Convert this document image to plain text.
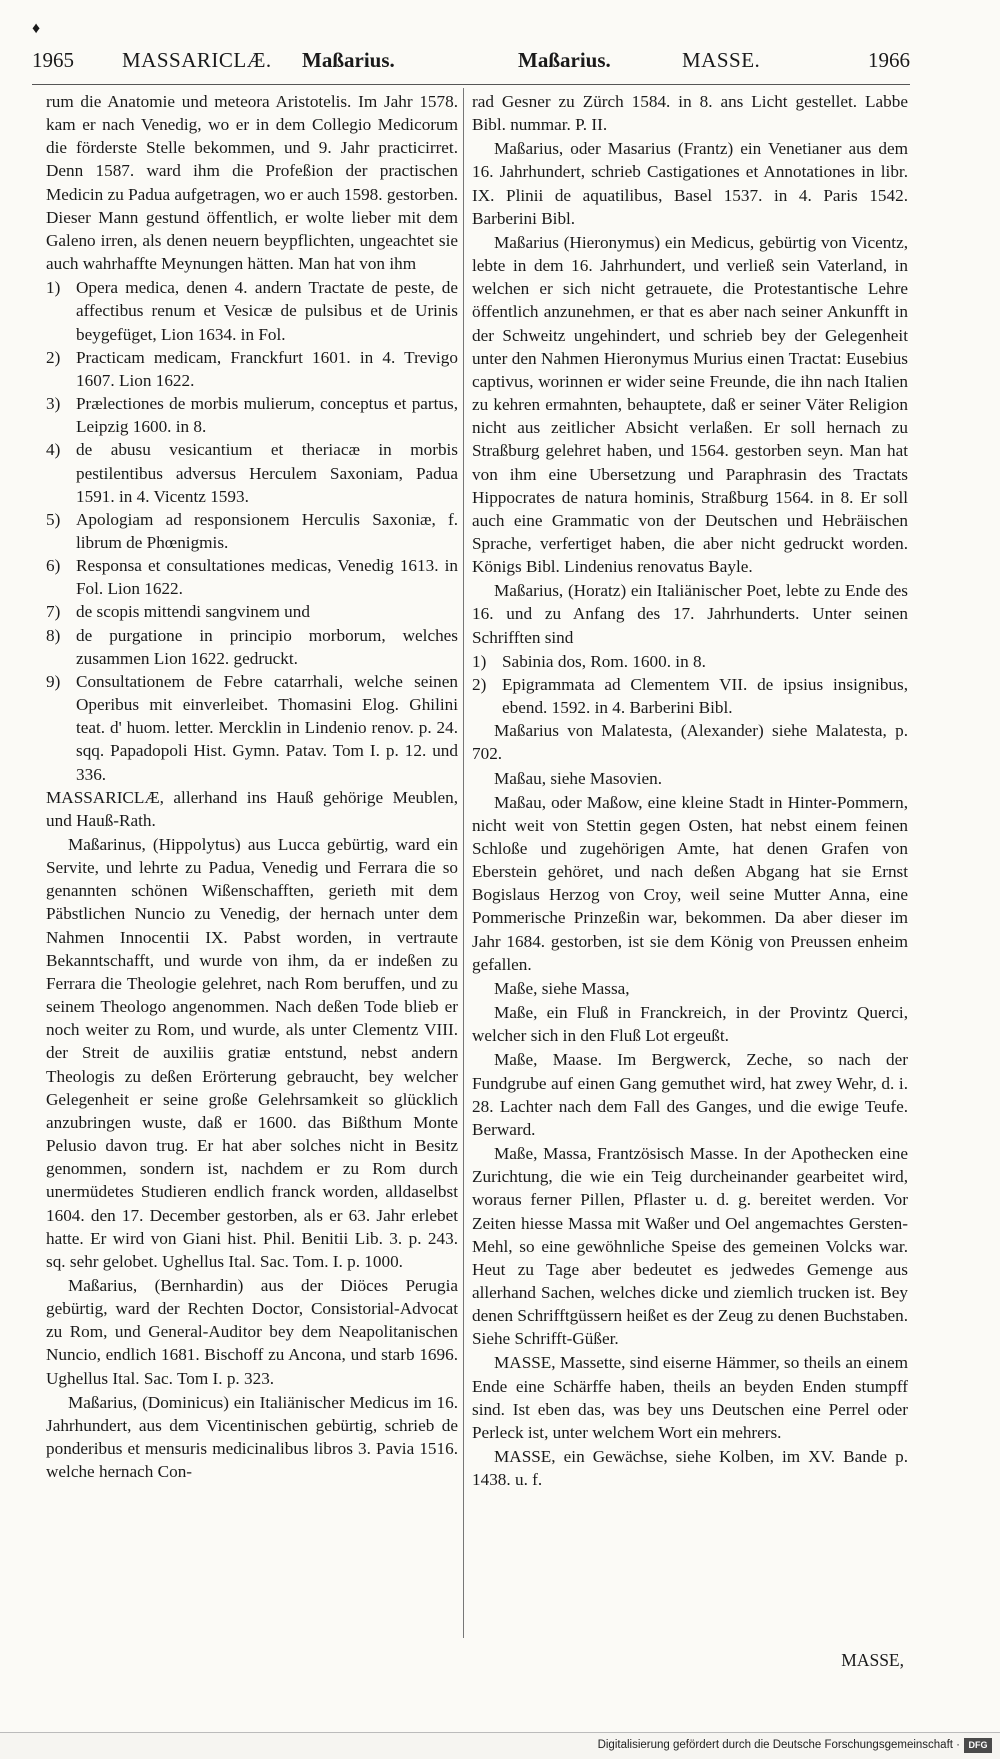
♦
1965 MASSARICLÆ. Maßarius.	Maßarius.	MASSE.	1966

rum die Anatomie und meteora Aristotelis. Im Jahr 1578. kam er nach Venedig, wo er in dem Collegio Medicorum die förderste Stelle bekommen, und 9. Jahr practicirret. Denn 1587. ward ihm die Profeßion der practischen Medicin zu Padua aufgetragen, wo er auch 1598. gestorben. Dieser Mann gestund öffentlich, er wolte lieber mit dem Galeno irren, als denen neuern beypflichten, ungeachtet sie auch wahrhaffte Meynungen hätten. Man hat von ihm

1) Opera medica, denen 4. andern Tractate de peste, de affectibus renum et Vesicæ de pulsibus et de Urinis beygefüget, Lion 1634. in Fol.
2) Practicam medicam, Franckfurt 1601. in 4. Trevigo 1607. Lion 1622.
3) Prælectiones de morbis mulierum, conceptus et partus, Leipzig 1600. in 8.
4) de abusu vesicantium et theriacæ in morbis pestilentibus adversus Herculem Saxoniam, Padua 1591. in 4. Vicentz 1593.
5) Apologiam ad responsionem Herculis Saxoniæ, f. librum de Phœnigmis.
6) Responsa et consultationes medicas, Venedig 1613. in Fol. Lion 1622.
7) de scopis mittendi sangvinem und
8) de purgatione in principio morborum, welches zusammen Lion 1622. gedruckt.
9) Consultationem de Febre catarrhali, welche seinen Operibus mit einverleibet. Thomasini Elog. Ghilini teat. d' huom. letter. Mercklin in Lindenio renov. p. 24. sqq. Papadopoli Hist. Gymn. Patav. Tom I. p. 12. und 336.

MASSARICLÆ, allerhand ins Hauß gehörige Meublen, und Hauß-Rath.

Maßarinus, (Hippolytus) aus Lucca gebürtig, ward ein Servite, und lehrte zu Padua, Venedig und Ferrara die so genannten schönen Wißenschafften, gerieth mit dem Päbstlichen Nuncio zu Venedig, der hernach unter dem Nahmen Innocentii IX. Pabst worden, in vertraute Bekanntschafft, und wurde von ihm, da er indeßen zu Ferrara die Theologie gelehret, nach Rom beruffen, und zu seinem Theologo angenommen. Nach deßen Tode blieb er noch weiter zu Rom, und wurde, als unter Clementz VIII. der Streit de auxiliis gratiæ entstund, nebst andern Theologis zu deßen Erörterung gebraucht, bey welcher Gelegenheit er seine große Gelehrsamkeit so glücklich anzubringen wuste, daß er 1600. das Bißthum Monte Pelusio davon trug. Er hat aber solches nicht in Besitz genommen, sondern ist, nachdem er zu Rom durch unermüdetes Studieren endlich franck worden, alldaselbst 1604. den 17. December gestorben, als er 63. Jahr erlebet hatte. Er wird von Giani hist. Phil. Benitii Lib. 3. p. 243. sq. sehr gelobet. Ughellus Ital. Sac. Tom. I. p. 1000.

Maßarius, (Bernhardin) aus der Diöces Perugia gebürtig, ward der Rechten Doctor, Consistorial-Advocat zu Rom, und General-Auditor bey dem Neapolitanischen Nuncio, endlich 1681. Bischoff zu Ancona, und starb 1696. Ughellus Ital. Sac. Tom I. p. 323.

Maßarius, (Dominicus) ein Italiänischer Medicus im 16. Jahrhundert, aus dem Vicentinischen gebürtig, schrieb de ponderibus et mensuris medicinalibus libros 3. Pavia 1516. welche hernach Con-

rad Gesner zu Zürch 1584. in 8. ans Licht gestellet. Labbe Bibl. nummar. P. II.

Maßarius, oder Masarius (Frantz) ein Venetianer aus dem 16. Jahrhundert, schrieb Castigationes et Annotationes in libr. IX. Plinii de aquatilibus, Basel 1537. in 4. Paris 1542. Barberini Bibl.

Maßarius (Hieronymus) ein Medicus, gebürtig von Vicentz, lebte in dem 16. Jahrhundert, und verließ sein Vaterland, in welchen er sich nicht getrauete, die Protestantische Lehre öffentlich anzunehmen, er that es aber nach seiner Ankunfft in der Schweitz ungehindert, und schrieb bey der Gelegenheit unter den Nahmen Hieronymus Murius einen Tractat: Eusebius captivus, worinnen er wider seine Freunde, die ihn nach Italien zu kehren ermahnten, behauptete, daß er seiner Väter Religion nicht aus zeitlicher Absicht verlaßen. Er soll hernach zu Straßburg gelehret haben, und 1564. gestorben seyn. Man hat von ihm eine Ubersetzung und Paraphrasin des Tractats Hippocrates de natura hominis, Straßburg 1564. in 8. Er soll auch eine Grammatic von der Deutschen und Hebräischen Sprache, verfertiget haben, die aber nicht gedruckt worden. Königs Bibl. Lindenius renovatus Bayle.

Maßarius, (Horatz) ein Italiänischer Poet, lebte zu Ende des 16. und zu Anfang des 17. Jahrhunderts. Unter seinen Schrifften sind

1) Sabinia dos, Rom. 1600. in 8.
2) Epigrammata ad Clementem VII. de ipsius insignibus, ebend. 1592. in 4. Barberini Bibl.

Maßarius von Malatesta, (Alexander) siehe Malatesta, p. 702.

Maßau, siehe Masovien.

Maßau, oder Maßow, eine kleine Stadt in Hinter-Pommern, nicht weit von Stettin gegen Osten, hat nebst einem feinen Schloße und zugehörigen Amte, hat denen Grafen von Eberstein gehöret, und nach deßen Abgang hat sie Ernst Bogislaus Herzog von Croy, weil seine Mutter Anna, eine Pommerische Prinzeßin war, bekommen. Da aber dieser im Jahr 1684. gestorben, ist sie dem König von Preussen enheim gefallen.

Maße, siehe Massa,

Maße, ein Fluß in Franckreich, in der Provintz Querci, welcher sich in den Fluß Lot ergeußt.

Maße, Maase. Im Bergwerck, Zeche, so nach der Fundgrube auf einen Gang gemuthet wird, hat zwey Wehr, d. i. 28. Lachter nach dem Fall des Ganges, und die ewige Teufe. Berward.

Maße, Massa, Frantzösisch Masse. In der Apothecken eine Zurichtung, die wie ein Teig durcheinander gearbeitet wird, woraus ferner Pillen, Pflaster u. d. g. bereitet werden. Vor Zeiten hiesse Massa mit Waßer und Oel angemachtes Gersten-Mehl, so eine gewöhnliche Speise des gemeinen Volcks war. Heut zu Tage aber bedeutet es jedwedes Gemenge aus allerhand Sachen, welches dicke und ziemlich trucken ist. Bey denen Schrifftgüssern heißet es der Zeug zu denen Buchstaben. Siehe Schrifft-Güßer.

MASSE, Massette, sind eiserne Hämmer, so theils an einem Ende eine Schärffe haben, theils an beyden Enden stumpff sind. Ist eben das, was bey uns Deutschen eine Perrel oder Perleck ist, unter welchem Wort ein mehrers.

MASSE, ein Gewächse, siehe Kolben, im XV. Bande p. 1438. u. f.

MASSE,
Digitalisierung gefördert durch die Deutsche Forschungsgemeinschaft · DFG
